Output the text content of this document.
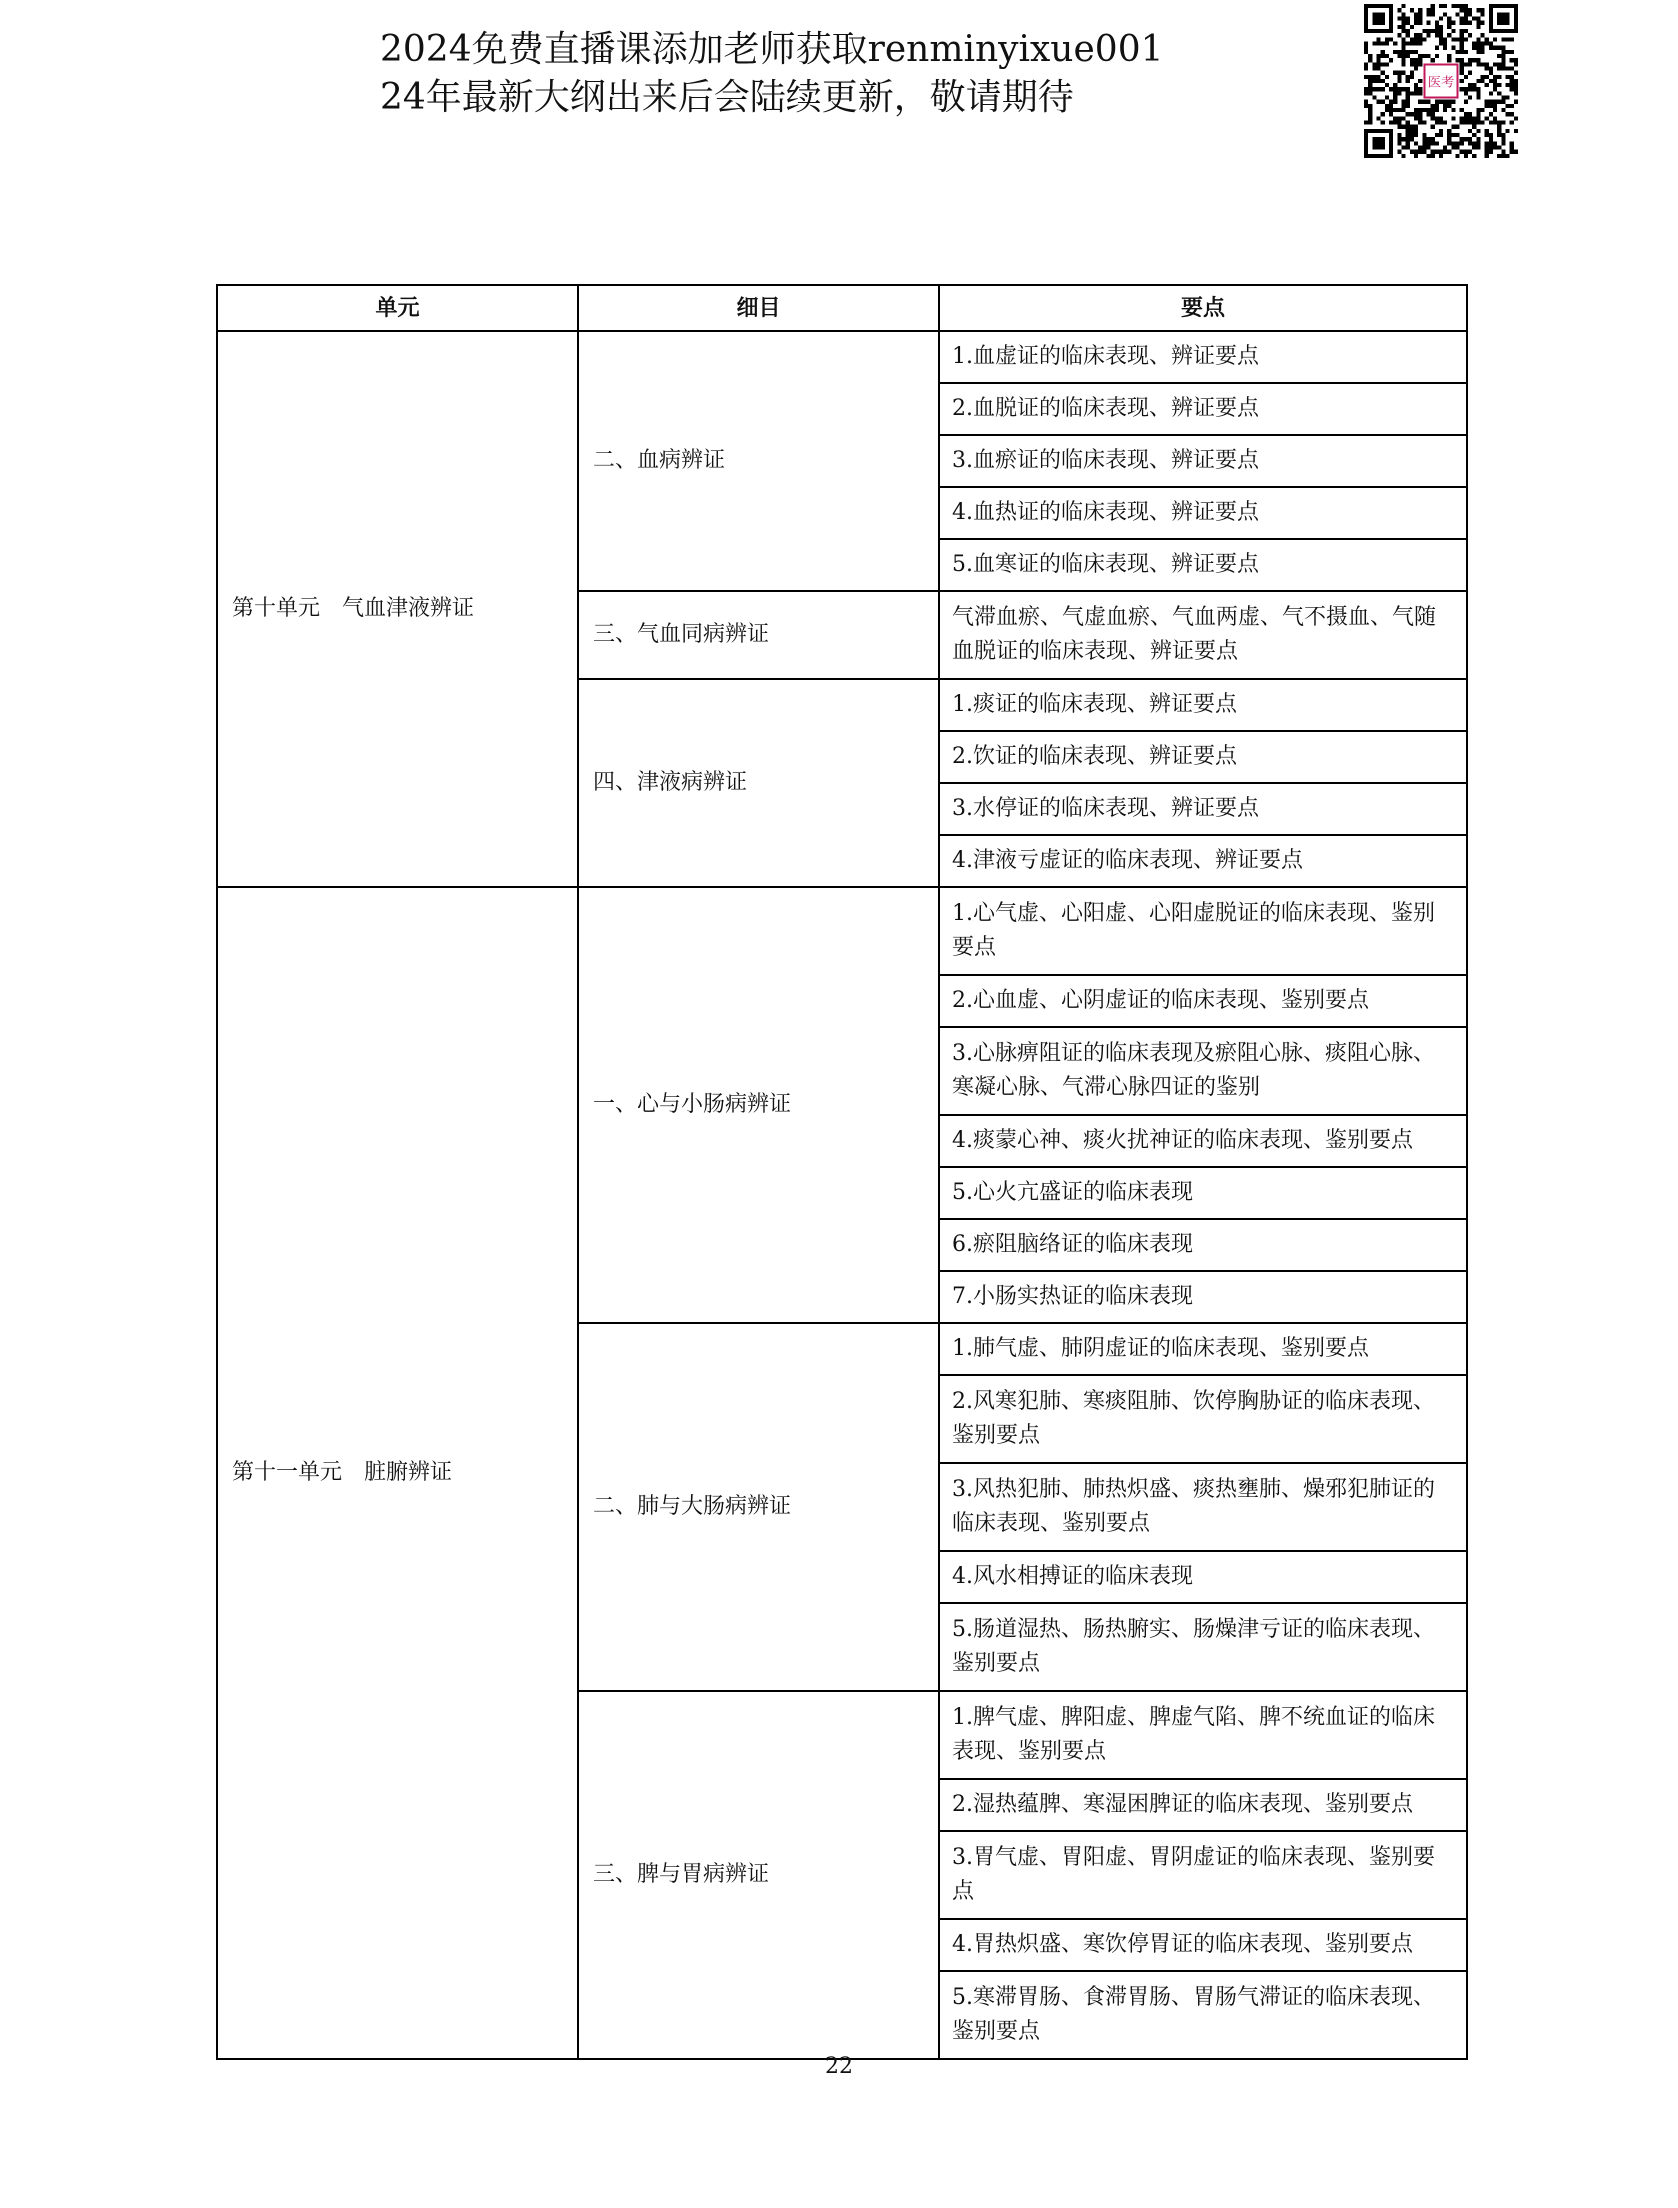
2024免费直播课添加老师获取renminyixue001
24年最新大纲出来后会陆续更新，敬请期待	医考
单元	细目	要点
第十单元　气血津液辨证	二、血病辨证	1.血虚证的临床表现、辨证要点
		2.血脱证的临床表现、辨证要点
		3.血瘀证的临床表现、辨证要点
		4.血热证的临床表现、辨证要点
		5.血寒证的临床表现、辨证要点
	三、气血同病辨证	气滞血瘀、气虚血瘀、气血两虚、气不摄血、气随血脱证的临床表现、辨证要点
	四、津液病辨证	1.痰证的临床表现、辨证要点
		2.饮证的临床表现、辨证要点
		3.水停证的临床表现、辨证要点
		4.津液亏虚证的临床表现、辨证要点
第十一单元　脏腑辨证	一、心与小肠病辨证	1.心气虚、心阳虚、心阳虚脱证的临床表现、鉴别要点
		2.心血虚、心阴虚证的临床表现、鉴别要点
		3.心脉痹阻证的临床表现及瘀阻心脉、痰阻心脉、寒凝心脉、气滞心脉四证的鉴别
		4.痰蒙心神、痰火扰神证的临床表现、鉴别要点
		5.心火亢盛证的临床表现
		6.瘀阻脑络证的临床表现
		7.小肠实热证的临床表现
	二、肺与大肠病辨证	1.肺气虚、肺阴虚证的临床表现、鉴别要点
		2.风寒犯肺、寒痰阻肺、饮停胸胁证的临床表现、鉴别要点
		3.风热犯肺、肺热炽盛、痰热壅肺、燥邪犯肺证的临床表现、鉴别要点
		4.风水相搏证的临床表现
		5.肠道湿热、肠热腑实、肠燥津亏证的临床表现、鉴别要点
	三、脾与胃病辨证	1.脾气虚、脾阳虚、脾虚气陷、脾不统血证的临床表现、鉴别要点
		2.湿热蕴脾、寒湿困脾证的临床表现、鉴别要点
		3.胃气虚、胃阳虚、胃阴虚证的临床表现、鉴别要点
		4.胃热炽盛、寒饮停胃证的临床表现、鉴别要点
		5.寒滞胃肠、食滞胃肠、胃肠气滞证的临床表现、鉴别要点
22
